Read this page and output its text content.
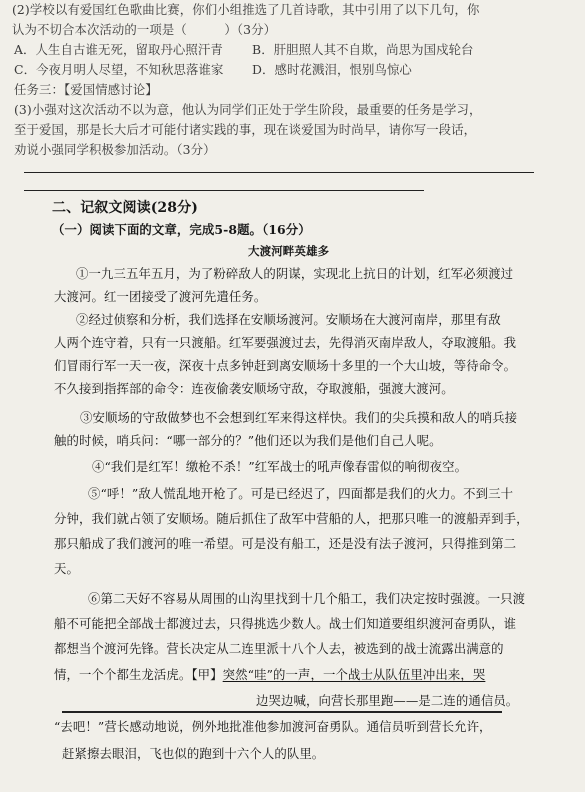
(2)学校以有爱国红色歌曲比赛，你们小组推选了几首诗歌，其中引用了以下几句，你

认为不切合本次活动的一项是（　　　）（3分）

A．人生自古谁无死，留取丹心照汗青 B．肝胆照人其不自欺，尚思为国戍轮台

C．今夜月明人尽望，不知秋思落谁家 D．感时花溅泪，恨别鸟惊心

任务三：【爱国情感讨论】

(3)小强对这次活动不以为意，他认为同学们正处于学生阶段，最重要的任务是学习，

至于爱国，那是长大后才可能付诸实践的事，现在谈爱国为时尚早，请你写一段话，

劝说小强同学积极参加活动。（3分）

二、记叙文阅读(28分)

（一）阅读下面的文章，完成5-8题。（16分）

大渡河畔英雄多

①一九三五年五月，为了粉碎敌人的阴谋，实现北上抗日的计划，红军必须渡过

大渡河。红一团接受了渡河先遣任务。

②经过侦察和分析，我们选择在安顺场渡河。安顺场在大渡河南岸，那里有敌

人两个连守着，只有一只渡船。红军要强渡过去，先得消灭南岸敌人，夺取渡船。我

们冒雨行军一天一夜，深夜十点多钟赶到离安顺场十多里的一个大山坡，等待命令。

不久接到指挥部的命令：连夜偷袭安顺场守敌，夺取渡船，强渡大渡河。

③安顺场的守敌做梦也不会想到红军来得这样快。我们的尖兵摸和敌人的哨兵接

触的时候，哨兵问：“哪一部分的？”他们还以为我们是他们自己人呢。

④“我们是红军！缴枪不杀！”红军战士的吼声像春雷似的响彻夜空。

⑤“呼！”敌人慌乱地开枪了。可是已经迟了，四面都是我们的火力。不到三十

分钟，我们就占领了安顺场。随后抓住了敌军中营船的人，把那只唯一的渡船弄到手，

那只船成了我们渡河的唯一希望。可是没有船工，还是没有法子渡河，只得推到第二

天。

⑥第二天好不容易从周围的山沟里找到十几个船工，我们决定按时强渡。一只渡

船不可能把全部战士都渡过去，只得挑选少数人。战士们知道要组织渡河奋勇队，谁

都想当个渡河先锋。营长决定从二连里派十八个人去，被选到的战士流露出满意的

情，一个个都生龙活虎。【甲】突然“哇”的一声，一个战士从队伍里冲出来，哭

边哭边喊，向营长那里跑——是二连的通信员。

“去吧！”营长感动地说，例外地批准他参加渡河奋勇队。通信员听到营长允许，

赶紧擦去眼泪，飞也似的跑到十六个人的队里。
